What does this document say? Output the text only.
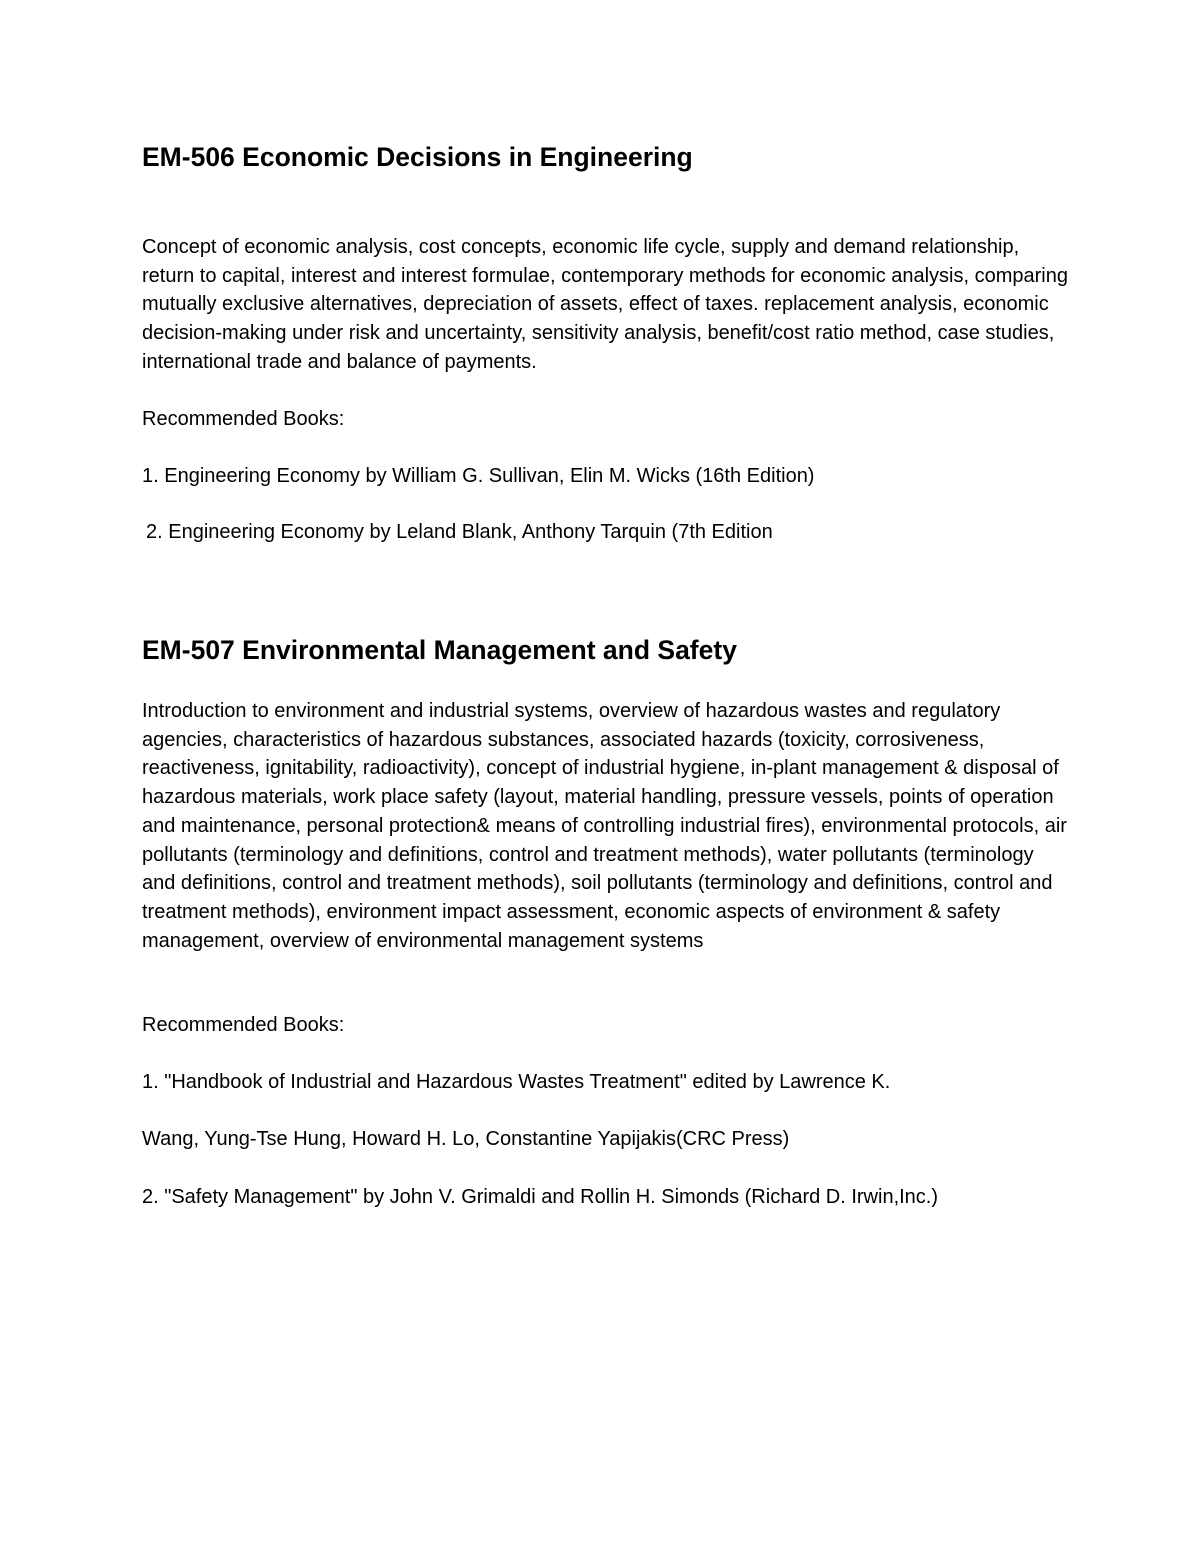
EM-506 Economic Decisions in Engineering

Concept of economic analysis, cost concepts, economic life cycle, supply and demand relationship, return to capital, interest and interest formulae, contemporary methods for economic analysis, comparing mutually exclusive alternatives, depreciation of assets, effect of taxes. replacement analysis, economic decision-making under risk and uncertainty, sensitivity analysis, benefit/cost ratio method, case studies, international trade and balance of payments.

Recommended Books:

1. Engineering Economy by William G. Sullivan, Elin M. Wicks (16th Edition)

2. Engineering Economy by Leland Blank, Anthony Tarquin (7th Edition

EM-507 Environmental Management and Safety

Introduction to environment and industrial systems, overview of hazardous wastes and regulatory agencies, characteristics of hazardous substances, associated hazards (toxicity, corrosiveness, reactiveness, ignitability, radioactivity), concept of industrial hygiene, in-plant management & disposal of hazardous materials, work place safety (layout, material handling, pressure vessels, points of operation and maintenance, personal protection& means of controlling industrial fires), environmental protocols, air pollutants (terminology and definitions, control and treatment methods), water pollutants (terminology and definitions, control and treatment methods), soil pollutants (terminology and definitions, control and treatment methods), environment impact assessment, economic aspects of environment & safety management, overview of environmental management systems

Recommended Books:

1. "Handbook of Industrial and Hazardous Wastes Treatment" edited by Lawrence K.

Wang, Yung-Tse Hung, Howard H. Lo, Constantine Yapijakis(CRC Press)

2. "Safety Management" by John V. Grimaldi and Rollin H. Simonds (Richard D. Irwin,Inc.)
